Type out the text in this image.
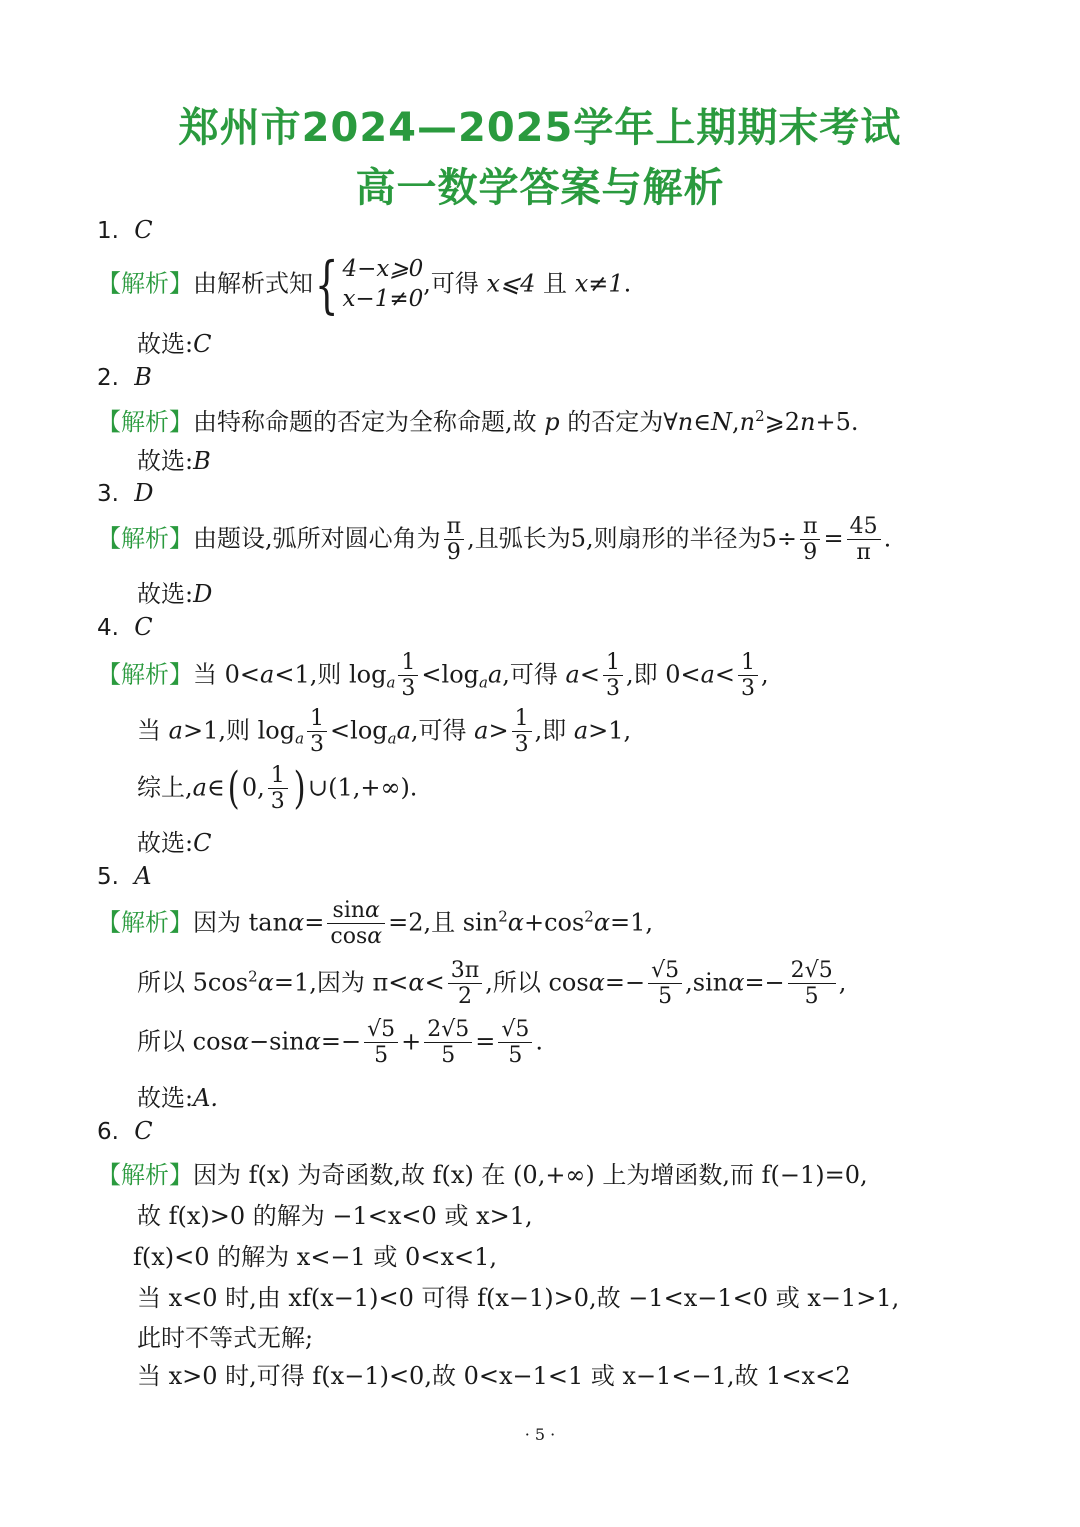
郑州市2024—2025学年上期期末考试
高一数学答案与解析
1. C
【解析】由解析式知{ 4−x⩾0
x−1≠0
,可得 x⩽4 且 x≠1.
故选:C
2. B
【解析】由特称命题的否定为全称命题,故 p 的否定为$\forall n\in N,n^2⩾2n+5$.
故选:B
3. D
【解析】由题设,弧所对圆心角为 $\frac{\pi}{9}$ ,且弧长为5,则扇形的半径为$5\div \frac{\pi}{9} = \frac{45}{\pi}$ .
故选:D
4. C
【解析】当 0<a<1,则 $\log_a \frac{1}{3} <\log_aa$,可得 $a< \frac{1}{3}$ ,即 $0<a< \frac{1}{3}$ ,
当 a>1,则 $\log_a \frac{1}{3} <\log_aa$,可得 $a> \frac{1}{3}$ ,即 a>1,
综上,a∈( 0, $\frac{1}{3}$ ) ∪(1,+∞).
故选:C
5. A
【解析】因为 $\tan\alpha= \frac{\sin\alpha}{\cos\alpha} =2$,且 $\sin^2\alpha+\cos^2\alpha=1$,
所以 $5\cos^2\alpha=1$,因为 $\pi<\alpha< \frac{3\pi}{2}$ ,所以 $\cos\alpha=- \frac{√5}{5} ,\sin\alpha=- \frac{2√5}{5}$ ,
所以 $\cos\alpha-\sin\alpha=- \frac{√5}{5} + \frac{2√5}{5} = \frac{√5}{5}$ .
故选:A.
6. C
【解析】因为 f(x) 为奇函数,故 f(x) 在 (0,+∞) 上为增函数,而 f(−1)=0,
故 f(x)>0 的解为 −1<x<0 或 x>1,
f(x)<0 的解为 x<−1 或 0<x<1,
当 x<0 时,由 xf(x−1)<0 可得 f(x−1)>0,故 −1<x−1<0 或 x−1>1,
此时不等式无解;
当 x>0 时,可得 f(x−1)<0,故 0<x−1<1 或 x−1<−1,故 1<x<2
· 5 ·
